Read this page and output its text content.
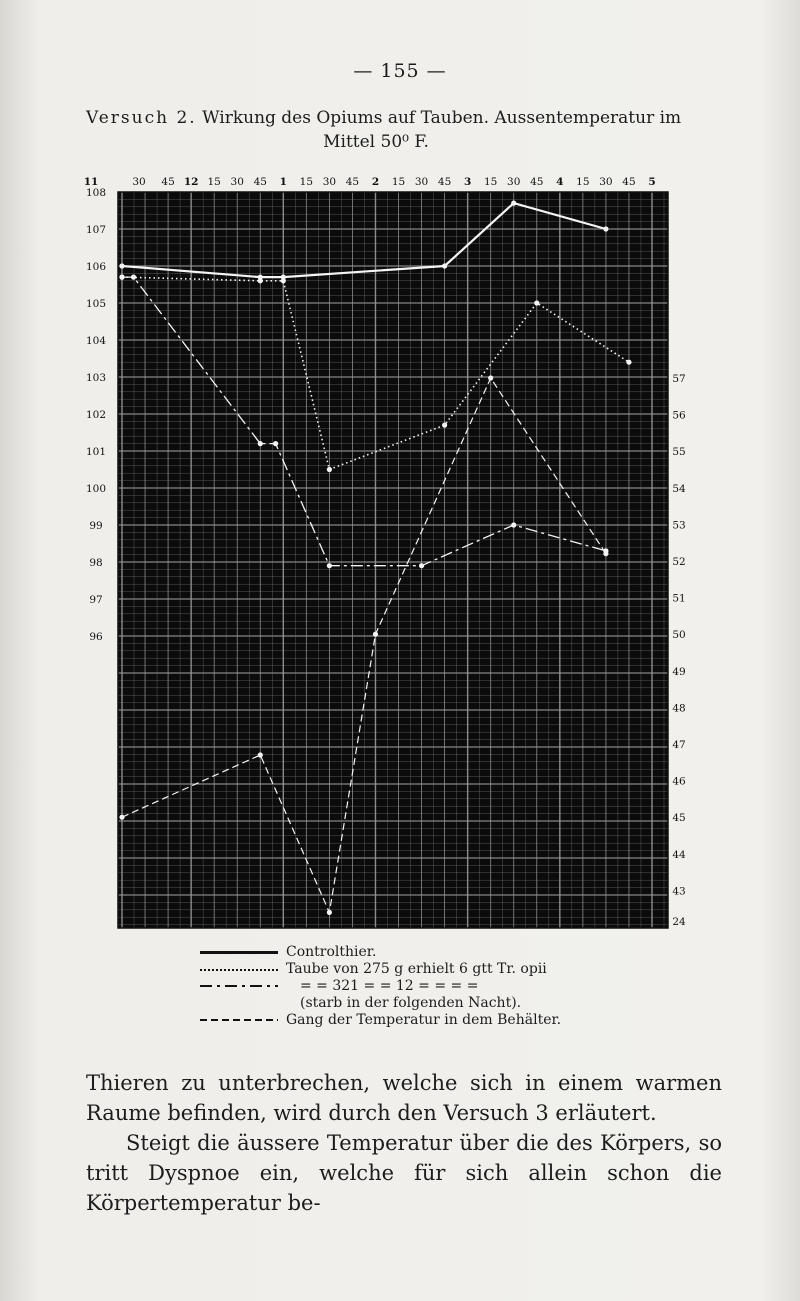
— 155 —
Versuch 2. Wirkung des Opiums auf Tauben. Aussentemperatur im
Mittel 50⁰ F.
11	30 45 12 15 30 45 1 15 30 45 2 15 30 45 3 15 30 45 4 15 30 45 5
108
107
106
105
104
103
102
101
100
99
98
97
96
57
56
55
54
53
52
51
50
49
48
47
46
45
44
43
24
Controlthier.
Taube von 275 g erhielt 6 gtt Tr. opii
= = 321 = = 12 = = = =
(starb in der folgenden Nacht).
Gang der Temperatur in dem Behälter.

Thieren zu unterbrechen, welche sich in einem warmen Raume befinden, wird durch den Versuch 3 erläutert.

Steigt die äussere Temperatur über die des Körpers, so tritt Dyspnoe ein, welche für sich allein schon die Körpertemperatur be-
